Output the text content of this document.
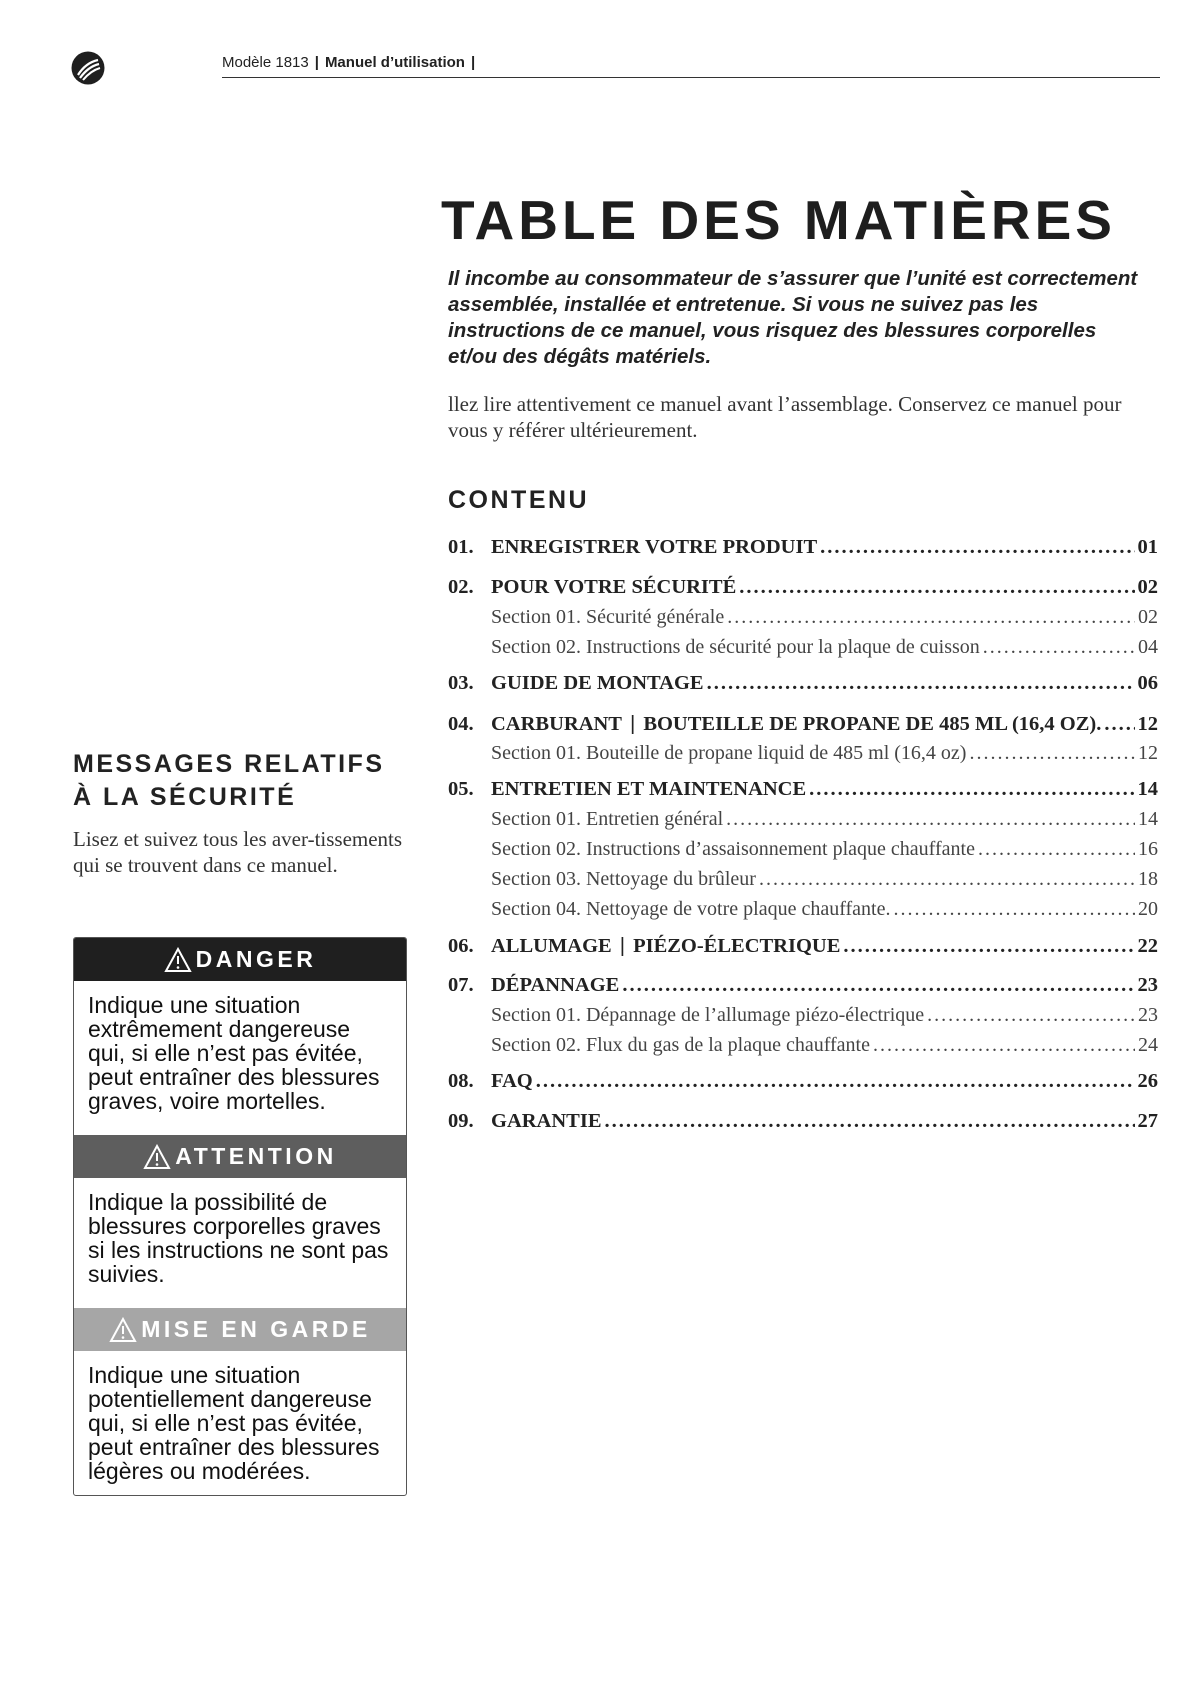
Modèle 1813 | Manuel d’utilisation |
TABLE DES MATIÈRES

Il incombe au consommateur de s’assurer que l’unité est correctement assemblée, installée et entretenue. Si vous ne suivez pas les instructions de ce manuel, vous risquez des blessures corporelles et/ou des dégâts matériels.

llez lire attentivement ce manuel avant l’assemblage. Conservez ce manuel pour vous y référer ultérieurement.

CONTENU
01. ENREGISTRER VOTRE PRODUIT .....	01
02. POUR VOTRE SÉCURITÉ .....	02
Section 01. Sécurité générale .....	02
Section 02. Instructions de sécurité pour la plaque de cuisson .....	04
03. GUIDE DE MONTAGE .....	06
04. CARBURANT | BOUTEILLE DE PROPANE DE 485 ML (16,4 OZ). ..... 12
Section 01. Bouteille de propane liquid de 485 ml (16,4 oz) .....	12
05. ENTRETIEN ET MAINTENANCE .....	14
Section 01. Entretien général .....	14
Section 02. Instructions d’assaisonnement plaque chauffante .....	16
Section 03. Nettoyage du brûleur .....	18
Section 04. Nettoyage de votre plaque chauffante. .....	20
06. ALLUMAGE | PIÉZO-ÉLECTRIQUE .....	22
07. DÉPANNAGE .....	23
Section 01. Dépannage de l’allumage piézo-électrique .....	23
Section 02. Flux du gas de la plaque chauffante .....	24
08. FAQ .....	26
09. GARANTIE .....	27
MESSAGES RELATIFS À LA SÉCURITÉ

Lisez et suivez tous les aver-tissements qui se trouvent dans ce manuel.

DANGER

Indique une situation extrêmement dangereuse qui, si elle n’est pas évitée, peut entraîner des blessures graves, voire mortelles.

ATTENTION

Indique la possibilité de blessures corporelles graves si les instructions ne sont pas suivies.

MISE EN GARDE

Indique une situation potentiellement dangereuse qui, si elle n’est pas évitée, peut entraîner des blessures légères ou modérées.
